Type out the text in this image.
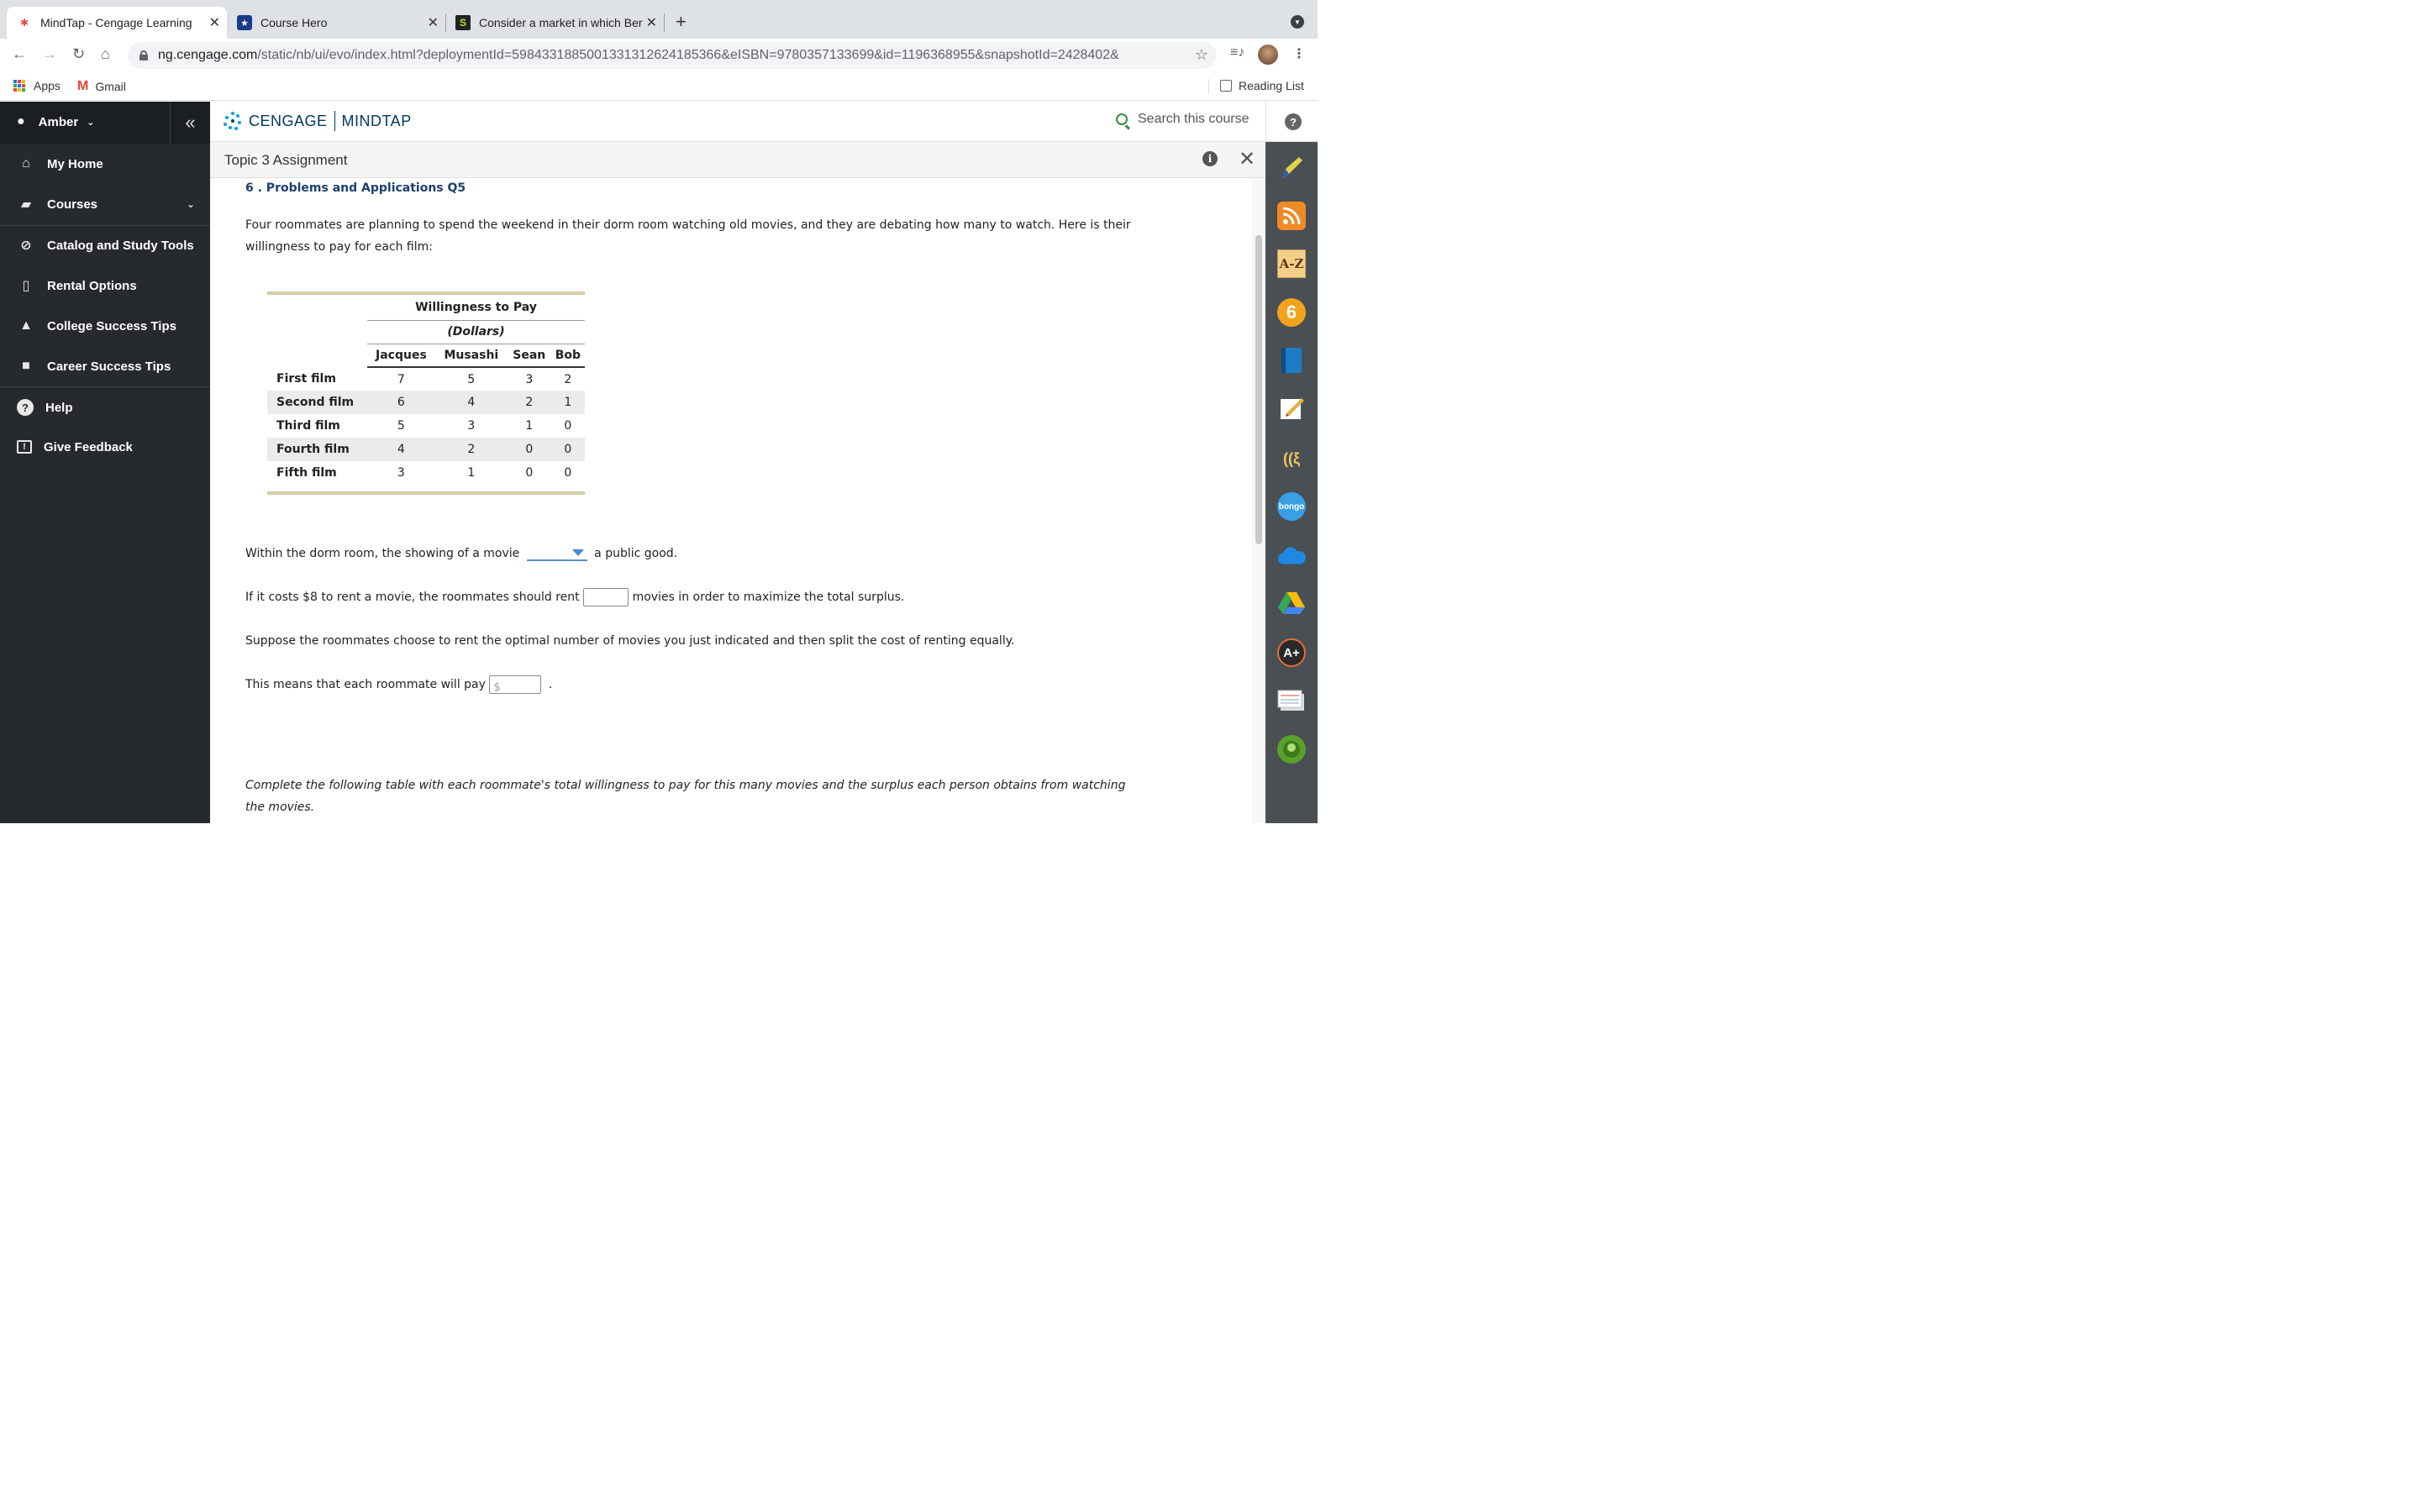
✱ MindTap - Cengage Learning ✕	★ Course Hero	✕	S	Consider a market in which Ber ✕ +	▼
← → ↻ ⌂	ng.cengage.com/static/nb/ui/evo/index.html?deploymentId=5984331885001331312624185366&eISBN=9780357133699&id=1196368955&snapshotId=2428402&	☆ ≡♪	⋮
Apps M Gmail	Reading List
● Amber ⌄	«
⌂	My Home
▰	Courses	⌄
⊘ Catalog and Study Tools
▯	Rental Options
▲ College Success Tips
■	Career Success Tips
?	Help
!	Give Feedback
CENGAGE MINDTAP	Search this course	?
Topic 3 Assignment	i ✕
A-Z
6
((ξ
bongo
A+
6 . Problems and Applications Q5
Four roommates are planning to spend the weekend in their dorm room watching old movies, and they are debating how many to watch. Here is their
willingness to pay for each film:
	Willingness to Pay			
	(Dollars)			
	Jacques	Musashi	Sean	Bob
First film	7	5	3	2
Second film	6	4	2	1
Third film	5	3	1	0
Fourth film	4	2	0	0
Fifth film	3	1	0	0
Within the dorm room, the showing of a movie	a public good.
If it costs $8 to rent a movie, the roommates should rent	movies in order to maximize the total surplus.
Suppose the roommates choose to rent the optimal number of movies you just indicated and then split the cost of renting equally.
This means that each roommate will pay $	.
Complete the following table with each roommate's total willingness to pay for this many movies and the surplus each person obtains from watching
the movies.
